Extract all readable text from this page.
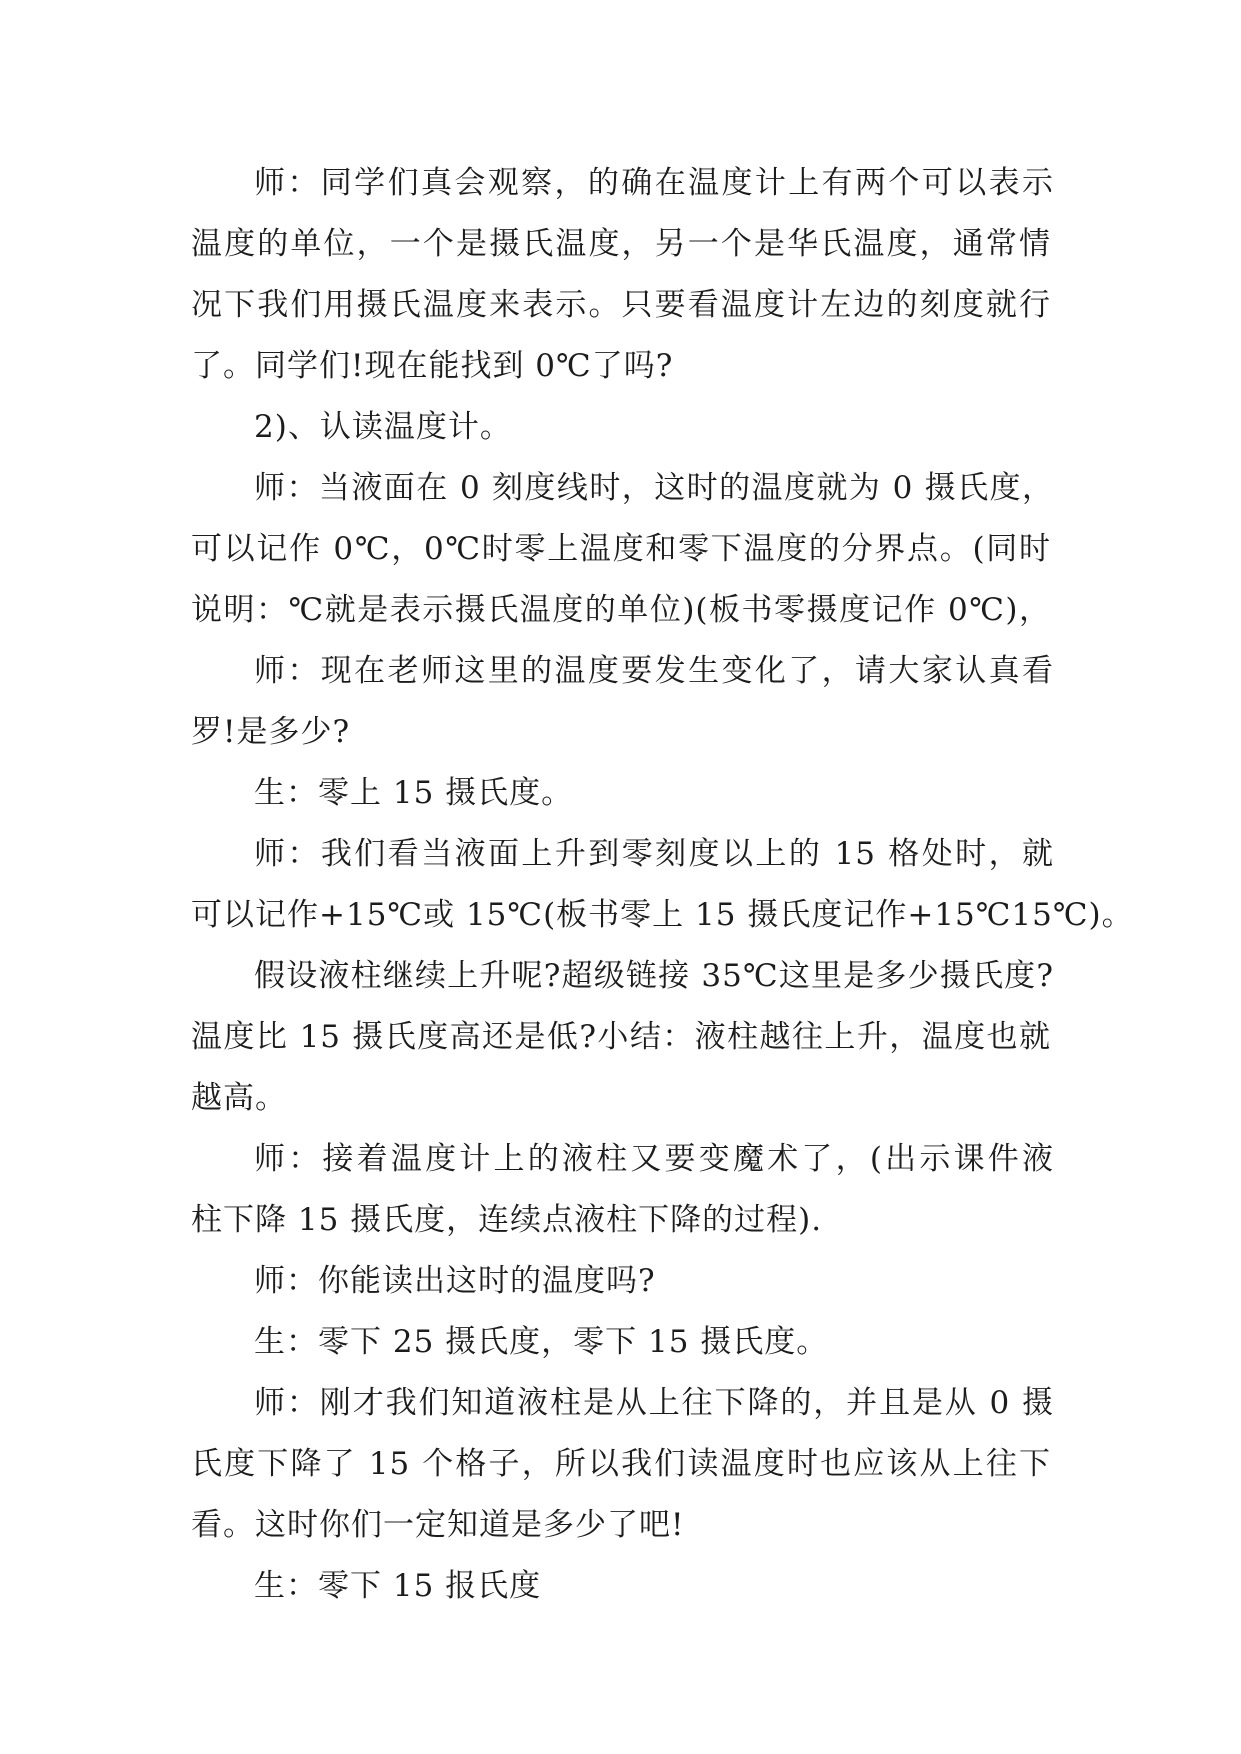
师：同学们真会观察，的确在温度计上有两个可以表示
温度的单位，一个是摄氏温度，另一个是华氏温度，通常情
况下我们用摄氏温度来表示。只要看温度计左边的刻度就行
了。同学们!现在能找到 0℃了吗?
2)、认读温度计。
师：当液面在 0 刻度线时，这时的温度就为 0 摄氏度，
可以记作 0℃，0℃时零上温度和零下温度的分界点。(同时
说明：℃就是表示摄氏温度的单位)(板书零摄度记作 0℃)，
师：现在老师这里的温度要发生变化了，请大家认真看
罗!是多少?
生：零上 15 摄氏度。
师：我们看当液面上升到零刻度以上的 15 格处时，就
可以记作+15℃或 15℃(板书零上 15 摄氏度记作+15℃15℃)。
假设液柱继续上升呢?超级链接 35℃这里是多少摄氏度?
温度比 15 摄氏度高还是低?小结：液柱越往上升，温度也就
越高。
师：接着温度计上的液柱又要变魔术了，(出示课件液
柱下降 15 摄氏度，连续点液柱下降的过程).
师：你能读出这时的温度吗?
生：零下 25 摄氏度，零下 15 摄氏度。
师：刚才我们知道液柱是从上往下降的，并且是从 0 摄
氏度下降了 15 个格子，所以我们读温度时也应该从上往下
看。这时你们一定知道是多少了吧!
生：零下 15 报氏度
